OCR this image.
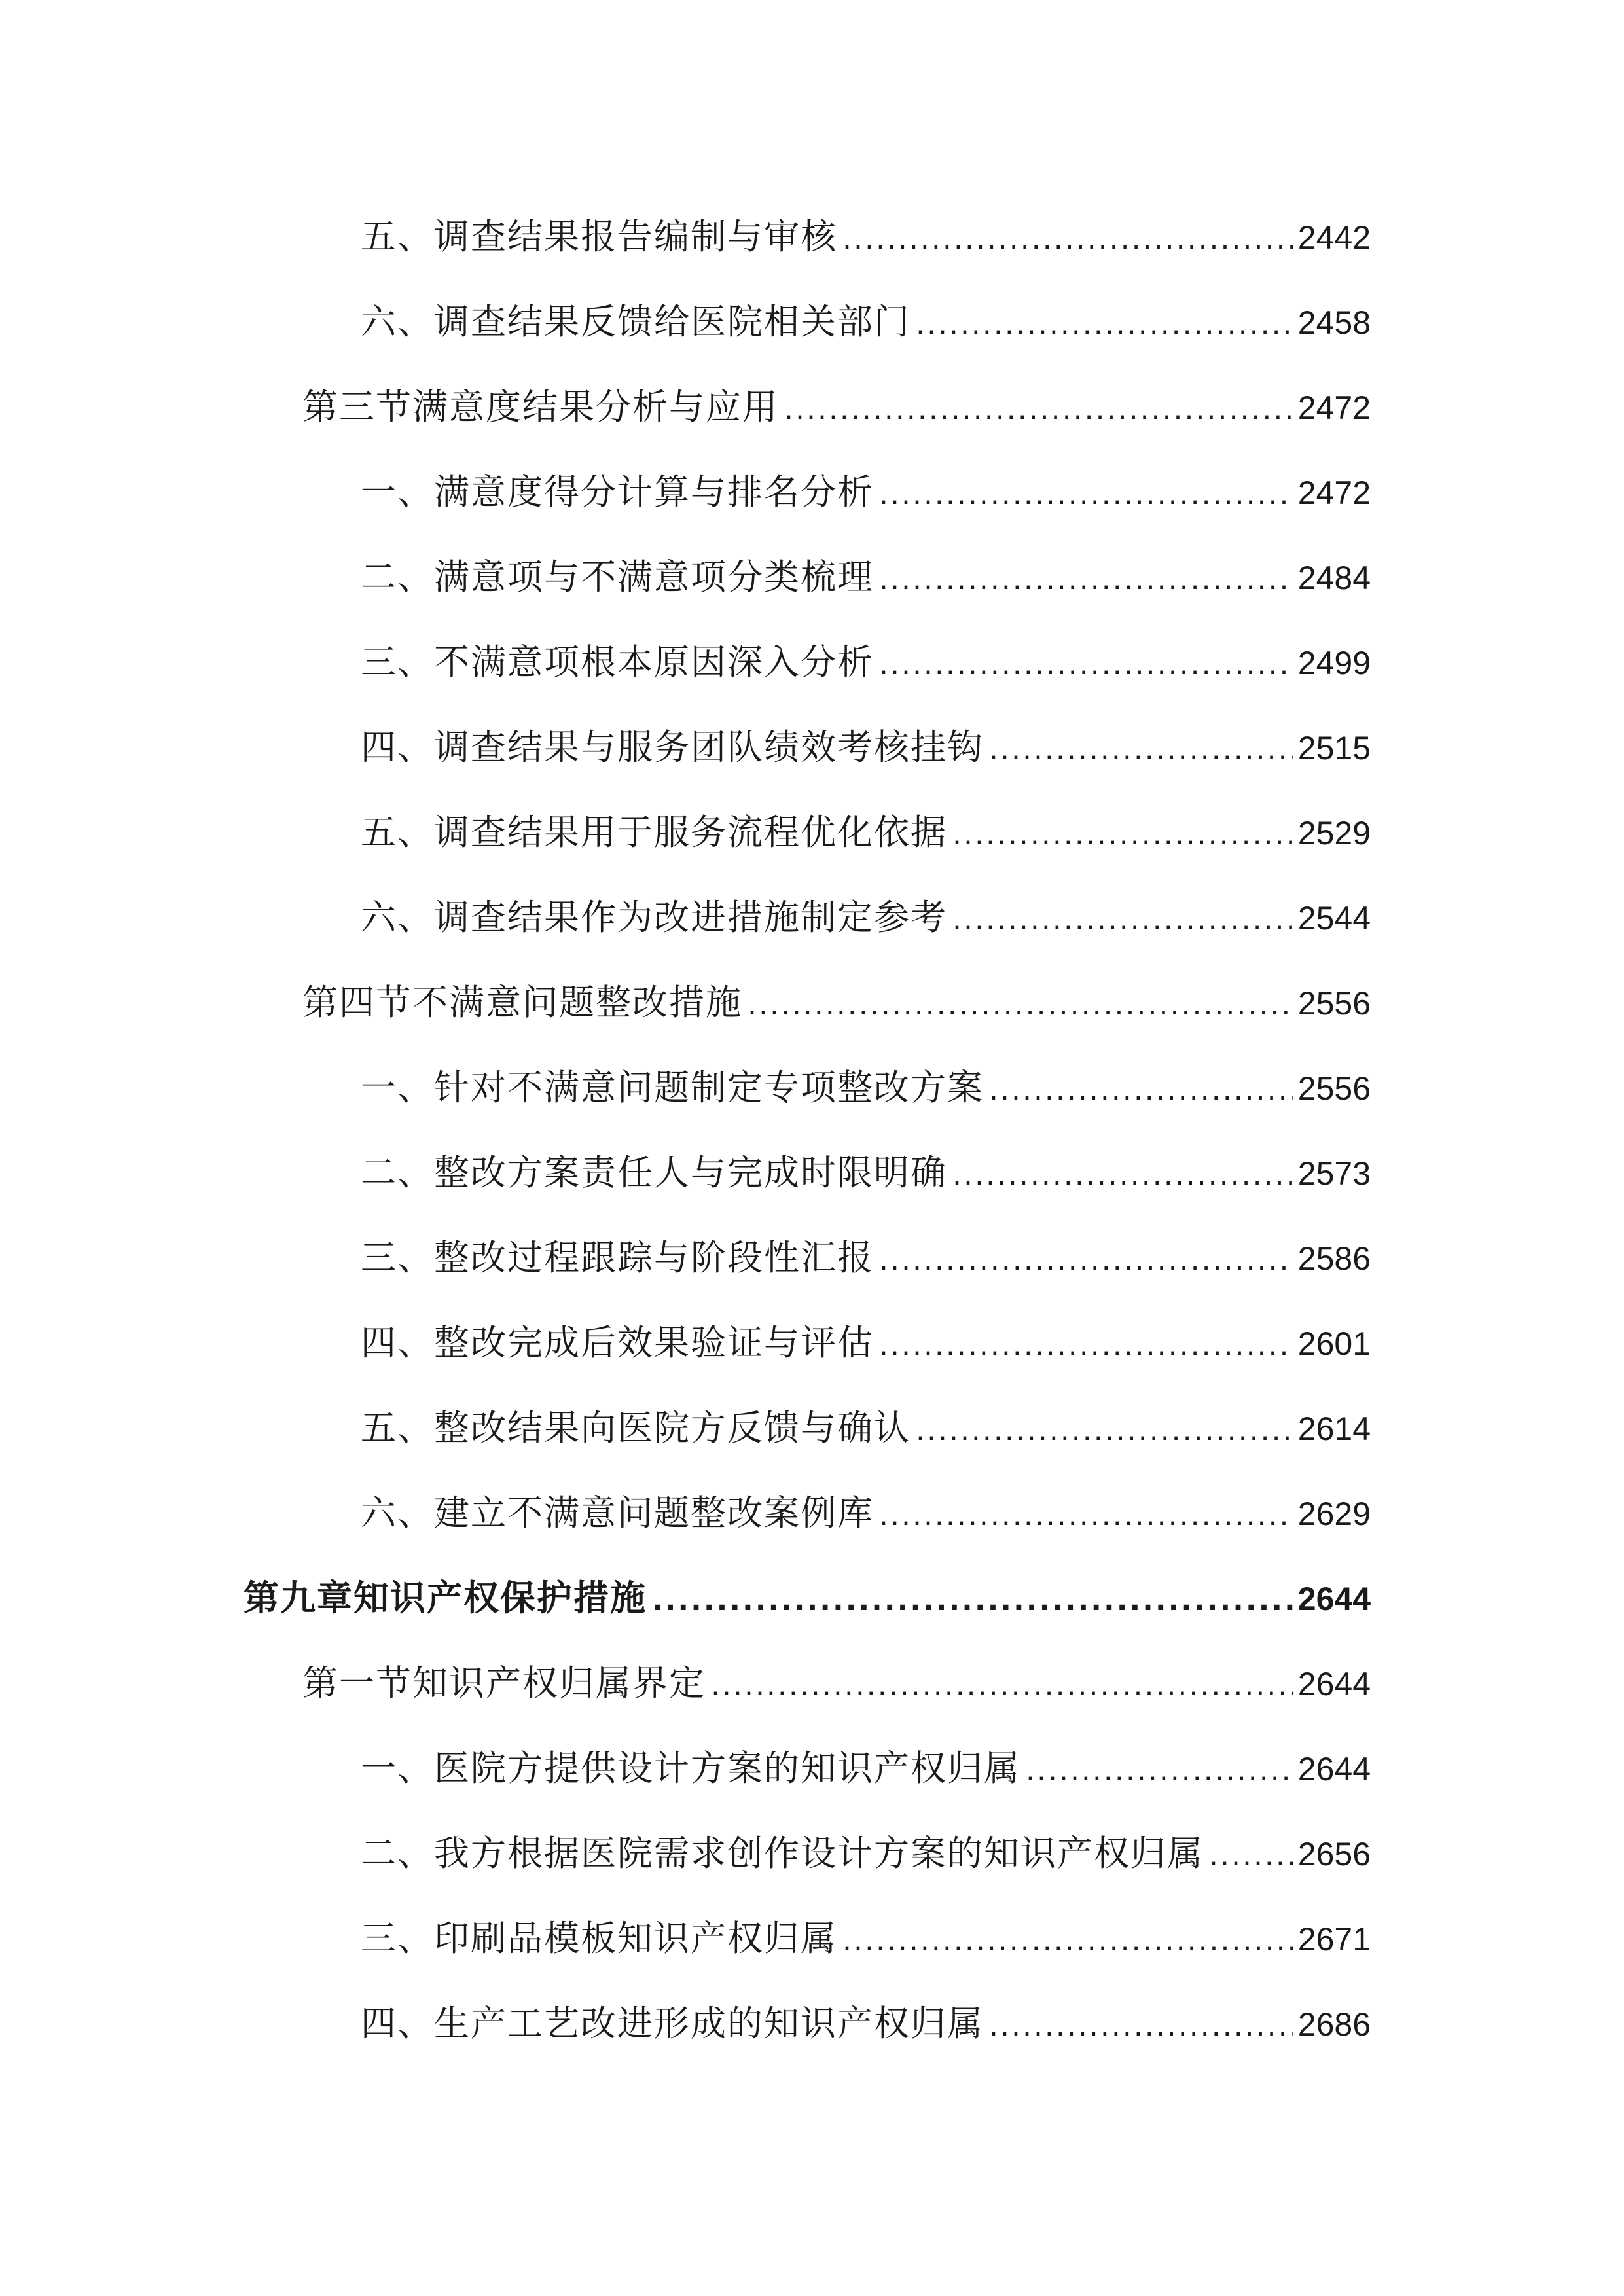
五、调查结果报告编制与审核 .....	2442
六、调查结果反馈给医院相关部门 .....	2458
第三节满意度结果分析与应用 .....	2472
一、满意度得分计算与排名分析 .....	2472
二、满意项与不满意项分类梳理 .....	2484
三、不满意项根本原因深入分析 .....	2499
四、调查结果与服务团队绩效考核挂钩 .....	2515
五、调查结果用于服务流程优化依据 .....	2529
六、调查结果作为改进措施制定参考 .....	2544
第四节不满意问题整改措施 .....	2556
一、针对不满意问题制定专项整改方案 .....	2556
二、整改方案责任人与完成时限明确 .....	2573
三、整改过程跟踪与阶段性汇报 .....	2586
四、整改完成后效果验证与评估 .....	2601
五、整改结果向医院方反馈与确认 .....	2614
六、建立不满意问题整改案例库 .....	2629
第九章知识产权保护措施 .....	2644
第一节知识产权归属界定 .....	2644
一、医院方提供设计方案的知识产权归属 .....	2644
二、我方根据医院需求创作设计方案的知识产权归属 .....	2656
三、印刷品模板知识产权归属 .....	2671
四、生产工艺改进形成的知识产权归属 .....	2686
